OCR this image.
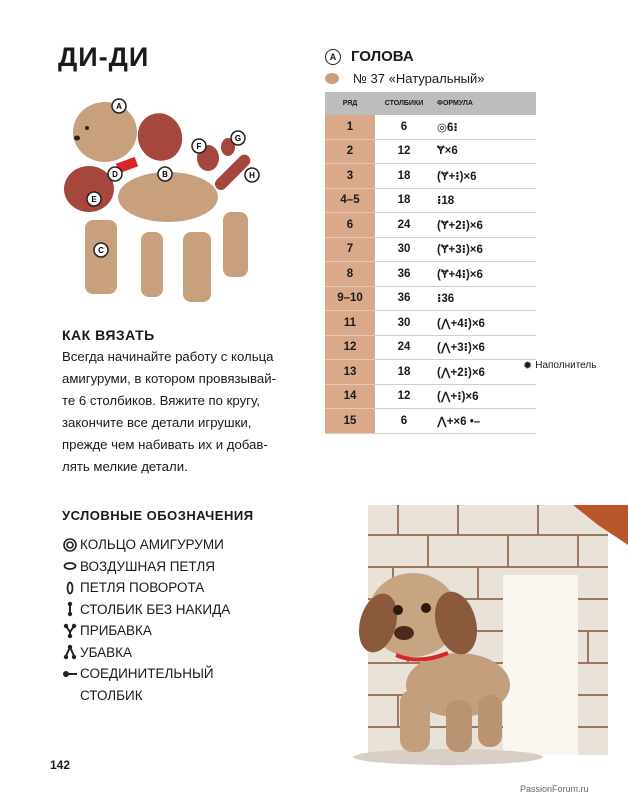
ДИ-ДИ
A
B
C
D
E
F
G
H
КАК ВЯЗАТЬ
Всегда начинайте работу с кольца
амигуруми, в котором провязывай-
те 6 столбиков. Вяжите по кругу,
закончите все детали игрушки,
прежде чем набивать их и добав-
лять мелкие детали.
УСЛОВНЫЕ ОБОЗНАЧЕНИЯ
КОЛЬЦО АМИГУРУМИ
ВОЗДУШНАЯ ПЕТЛЯ
ПЕТЛЯ ПОВОРОТА
СТОЛБИК БЕЗ НАКИДА
ПРИБАВКА
УБАВКА
СОЕДИНИТЕЛЬНЫЙ
СТОЛБИК
A ГОЛОВА
№ 37 «Натуральный»
РЯД	СТОЛБИКИ	ФОРМУЛА
1	6	◎6⁝
2	12	Ɏ×6
3	18	(Ɏ+⁝)×6
4–5	18	⁝18
6	24	(Ɏ+2⁝)×6
7	30	(Ɏ+3⁝)×6
8	36	(Ɏ+4⁝)×6
9–10	36	⁝36
11	30	(⋀+4⁝)×6
12	24	(⋀+3⁝)×6
13	18	(⋀+2⁝)×6
14	12	(⋀+⁝)×6
15	6	⋀+×6 •–
✹ Наполнитель
142
PassionForum.ru
